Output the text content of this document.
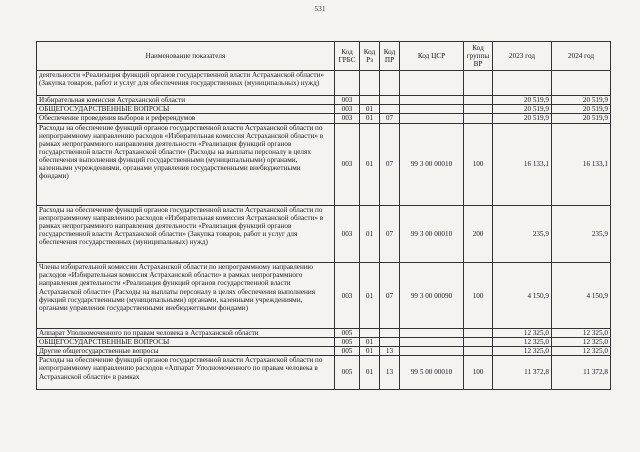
531
Наименование показателя	Код ГРБС	Код Рз	Код ПР	Код ЦСР	Код группы ВР	2023 год	2024 год
деятельности «Реализация функций органов государственной власти Астраханской области» (Закупка товаров, работ и услуг для обеспечения государственных (муниципальных) нужд)							
Избирательная комиссия Астраханской области	003					20 519,9	20 519,9
ОБЩЕГОСУДАРСТВЕННЫЕ ВОПРОСЫ	003	01				20 519,9	20 519,9
Обеспечение проведения выборов и референдумов	003	01	07			20 519,9	20 519,9
Расходы на обеспечение функций органов государственной власти Астраханской области по непрограммному направлению расходов «Избирательная комиссия Астраханской области» в рамках непрограммного направления деятельности «Реализация функций органов государственной власти Астраханской области» (Расходы на выплаты персоналу в целях обеспечения выполнения функций государственными (муниципальными) органами, казенными учреждениями, органами управления государственными внебюджетными фондами)	003	01	07	99 3 00 00010	100	16 133,1	16 133,1
Расходы на обеспечение функций органов государственной власти Астраханской области по непрограммному направлению расходов «Избирательная комиссия Астраханской области» в рамках непрограммного направления деятельности «Реализация функций органов государственной власти Астраханской области» (Закупка товаров, работ и услуг для обеспечения государственных (муниципальных) нужд)	003	01	07	99 3 00 00010	200	235,9	235,9
Члены избирательной комиссии Астраханской области по непрограммному направлению расходов «Избирательная комиссия Астраханской области» в рамках непрограммного направления деятельности «Реализация функций органов государственной власти Астраханской области» (Расходы на выплаты персоналу в целях обеспечения выполнения функций государственными (муниципальными) органами, казенными учреждениями, органами управления государственными внебюджетными фондами)	003	01	07	99 3 00 00090	100	4 150,9	4 150,9
Аппарат Уполномоченного по правам человека в Астраханской области	005					12 325,0	12 325,0
ОБЩЕГОСУДАРСТВЕННЫЕ ВОПРОСЫ	005	01				12 325,0	12 325,0
Другие общегосударственные вопросы	005	01	13			12 325,0	12 325,0
Расходы на обеспечение функций органов государственной власти Астраханской области по непрограммному направлению расходов «Аппарат Уполномоченного по правам человека в Астраханской области» в рамках	005	01	13	99 5 00 00010	100	11 372,8	11 372,8
